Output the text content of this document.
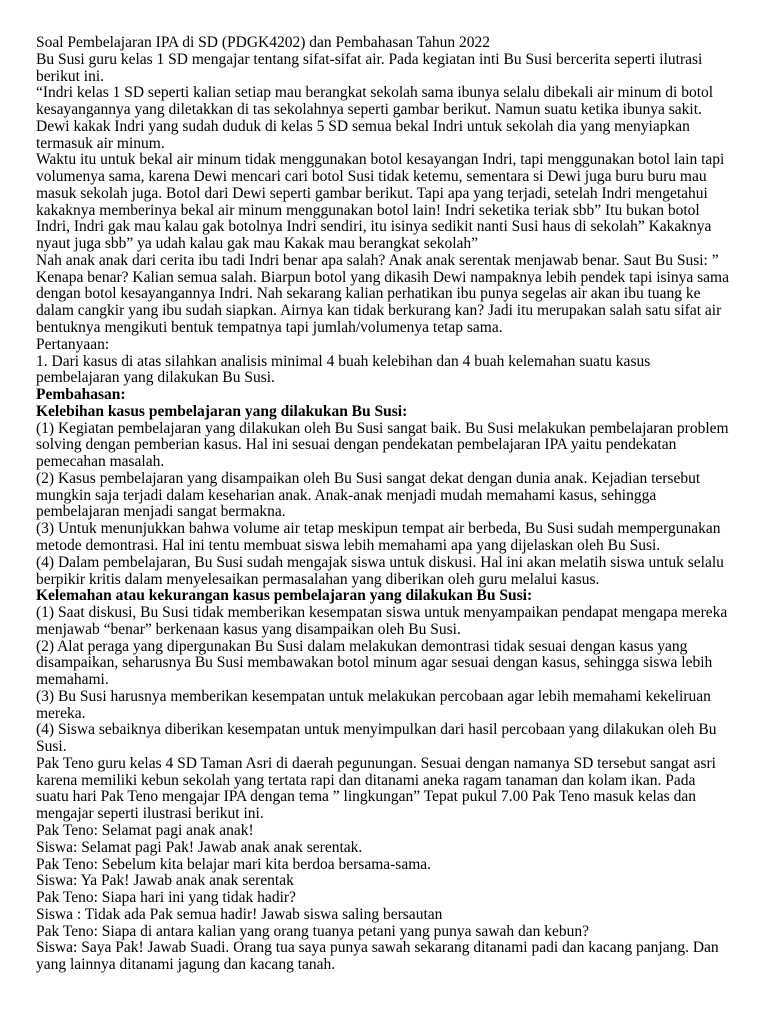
Soal Pembelajaran IPA di SD (PDGK4202) dan Pembahasan Tahun 2022

Bu Susi guru kelas 1 SD mengajar tentang sifat-sifat air. Pada kegiatan inti Bu Susi bercerita seperti ilutrasi
berikut ini.

“Indri kelas 1 SD seperti kalian setiap mau berangkat sekolah sama ibunya selalu dibekali air minum di botol
kesayangannya yang diletakkan di tas sekolahnya seperti gambar berikut. Namun suatu ketika ibunya sakit.
Dewi kakak Indri yang sudah duduk di kelas 5 SD semua bekal Indri untuk sekolah dia yang menyiapkan
termasuk air minum.

Waktu itu untuk bekal air minum tidak menggunakan botol kesayangan Indri, tapi menggunakan botol lain tapi
volumenya sama, karena Dewi mencari cari botol Susi tidak ketemu, sementara si Dewi juga buru buru mau
masuk sekolah juga. Botol dari Dewi seperti gambar berikut. Tapi apa yang terjadi, setelah Indri mengetahui
kakaknya memberinya bekal air minum menggunakan botol lain! Indri seketika teriak sbb” Itu bukan botol
Indri, Indri gak mau kalau gak botolnya Indri sendiri, itu isinya sedikit nanti Susi haus di sekolah” Kakaknya
nyaut juga sbb” ya udah kalau gak mau Kakak mau berangkat sekolah”

Nah anak anak dari cerita ibu tadi Indri benar apa salah? Anak anak serentak menjawab benar. Saut Bu Susi: ”
Kenapa benar? Kalian semua salah. Biarpun botol yang dikasih Dewi nampaknya lebih pendek tapi isinya sama
dengan botol kesayangannya Indri. Nah sekarang kalian perhatikan ibu punya segelas air akan ibu tuang ke
dalam cangkir yang ibu sudah siapkan. Airnya kan tidak berkurang kan? Jadi itu merupakan salah satu sifat air
bentuknya mengikuti bentuk tempatnya tapi jumlah/volumenya tetap sama.

Pertanyaan:

1. Dari kasus di atas silahkan analisis minimal 4 buah kelebihan dan 4 buah kelemahan suatu kasus
pembelajaran yang dilakukan Bu Susi.

Pembahasan:
Kelebihan kasus pembelajaran yang dilakukan Bu Susi:

(1) Kegiatan pembelajaran yang dilakukan oleh Bu Susi sangat baik. Bu Susi melakukan pembelajaran problem
solving dengan pemberian kasus. Hal ini sesuai dengan pendekatan pembelajaran IPA yaitu pendekatan
pemecahan masalah.

(2) Kasus pembelajaran yang disampaikan oleh Bu Susi sangat dekat dengan dunia anak. Kejadian tersebut
mungkin saja terjadi dalam keseharian anak. Anak-anak menjadi mudah memahami kasus, sehingga
pembelajaran menjadi sangat bermakna.

(3) Untuk menunjukkan bahwa volume air tetap meskipun tempat air berbeda, Bu Susi sudah mempergunakan
metode demontrasi. Hal ini tentu membuat siswa lebih memahami apa yang dijelaskan oleh Bu Susi.

(4) Dalam pembelajaran, Bu Susi sudah mengajak siswa untuk diskusi. Hal ini akan melatih siswa untuk selalu
berpikir kritis dalam menyelesaikan permasalahan yang diberikan oleh guru melalui kasus.

Kelemahan atau kekurangan kasus pembelajaran yang dilakukan Bu Susi:

(1) Saat diskusi, Bu Susi tidak memberikan kesempatan siswa untuk menyampaikan pendapat mengapa mereka
menjawab “benar” berkenaan kasus yang disampaikan oleh Bu Susi.

(2) Alat peraga yang dipergunakan Bu Susi dalam melakukan demontrasi tidak sesuai dengan kasus yang
disampaikan, seharusnya Bu Susi membawakan botol minum agar sesuai dengan kasus, sehingga siswa lebih
memahami.

(3) Bu Susi harusnya memberikan kesempatan untuk melakukan percobaan agar lebih memahami kekeliruan
mereka.

(4) Siswa sebaiknya diberikan kesempatan untuk menyimpulkan dari hasil percobaan yang dilakukan oleh Bu
Susi.

Pak Teno guru kelas 4 SD Taman Asri di daerah pegunungan. Sesuai dengan namanya SD tersebut sangat asri
karena memiliki kebun sekolah yang tertata rapi dan ditanami aneka ragam tanaman dan kolam ikan. Pada
suatu hari Pak Teno mengajar IPA dengan tema ” lingkungan” Tepat pukul 7.00 Pak Teno masuk kelas dan
mengajar seperti ilustrasi berikut ini.

Pak Teno: Selamat pagi anak anak!

Siswa: Selamat pagi Pak! Jawab anak anak serentak.

Pak Teno: Sebelum kita belajar mari kita berdoa bersama-sama.

Siswa: Ya Pak! Jawab anak anak serentak

Pak Teno: Siapa hari ini yang tidak hadir?

Siswa : Tidak ada Pak semua hadir! Jawab siswa saling bersautan

Pak Teno: Siapa di antara kalian yang orang tuanya petani yang punya sawah dan kebun?

Siswa: Saya Pak! Jawab Suadi. Orang tua saya punya sawah sekarang ditanami padi dan kacang panjang. Dan
yang lainnya ditanami jagung dan kacang tanah.
